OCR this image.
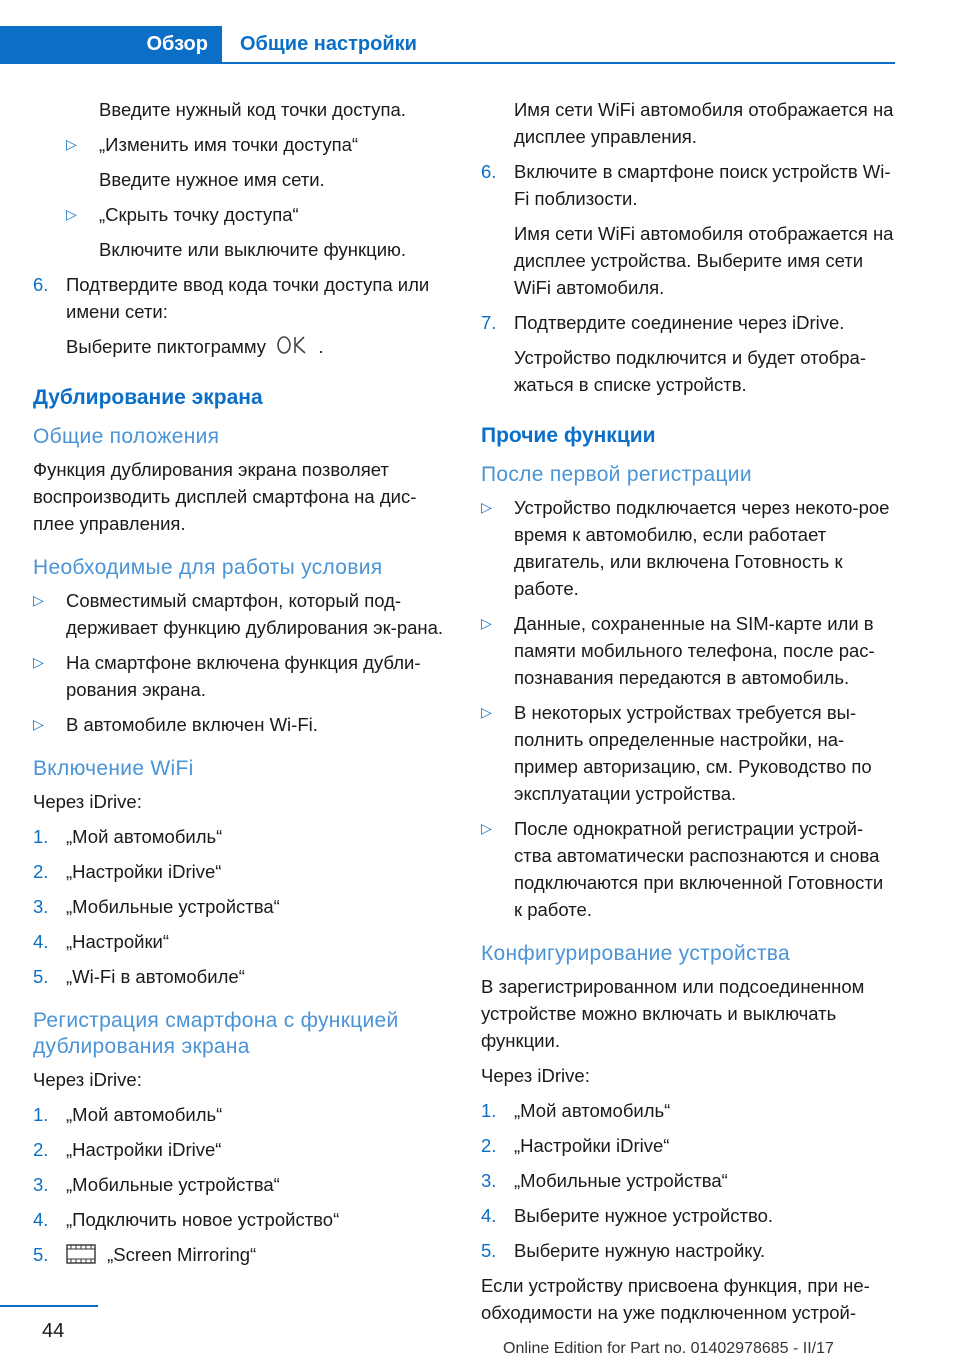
Обзор	Общие настройки

Введите нужный код точки доступа.

▷ „Изменить имя точки доступа“

Введите нужное имя сети.

▷ „Скрыть точку доступа“

Включите или выключите функцию.

6. Подтвердите ввод кода точки доступа или имени сети:

Выберите пиктограмму	.

Дублирование экрана
Общие положения

Функция дублирования экрана позволяет воспроизводить дисплей смартфона на дис-плее управления.

Необходимые для работы условия
▷ Совместимый смартфон, который под-держивает функцию дублирования эк-рана.
▷ На смартфоне включена функция дубли-рования экрана.
▷ В автомобиле включен Wi-Fi.
Включение WiFi

Через iDrive:

1. „Мой автомобиль“
2. „Настройки iDrive“
3. „Мобильные устройства“
4. „Настройки“
5. „Wi-Fi в автомобиле“
Регистрация смартфона с функцией дублирования экрана

Через iDrive:

1. „Мой автомобиль“
2. „Настройки iDrive“
3. „Мобильные устройства“
4. „Подключить новое устройство“
5.	„Screen Mirroring“

Имя сети WiFi автомобиля отображается на дисплее управления.

6. Включите в смартфоне поиск устройств Wi-Fi поблизости.

Имя сети WiFi автомобиля отображается на дисплее устройства. Выберите имя сети WiFi автомобиля.

7. Подтвердите соединение через iDrive.

Устройство подключится и будет отобра-жаться в списке устройств.

Прочие функции
После первой регистрации
▷ Устройство подключается через некото-рое время к автомобилю, если работает двигатель, или включена Готовность к работе.
▷ Данные, сохраненные на SIM-карте или в памяти мобильного телефона, после рас-познавания передаются в автомобиль.
▷ В некоторых устройствах требуется вы-полнить определенные настройки, на-пример авторизацию, см. Руководство по эксплуатации устройства.
▷ После однократной регистрации устрой-ства автоматически распознаются и снова подключаются при включенной Готовности к работе.
Конфигурирование устройства

В зарегистрированном или подсоединенном устройстве можно включать и выключать функции.

Через iDrive:

1. „Мой автомобиль“
2. „Настройки iDrive“
3. „Мобильные устройства“
4. Выберите нужное устройство.
5. Выберите нужную настройку.

Если устройству присвоена функция, при не-обходимости на уже подключенном устрой-

44
Online Edition for Part no. 01402978685 - II/17
